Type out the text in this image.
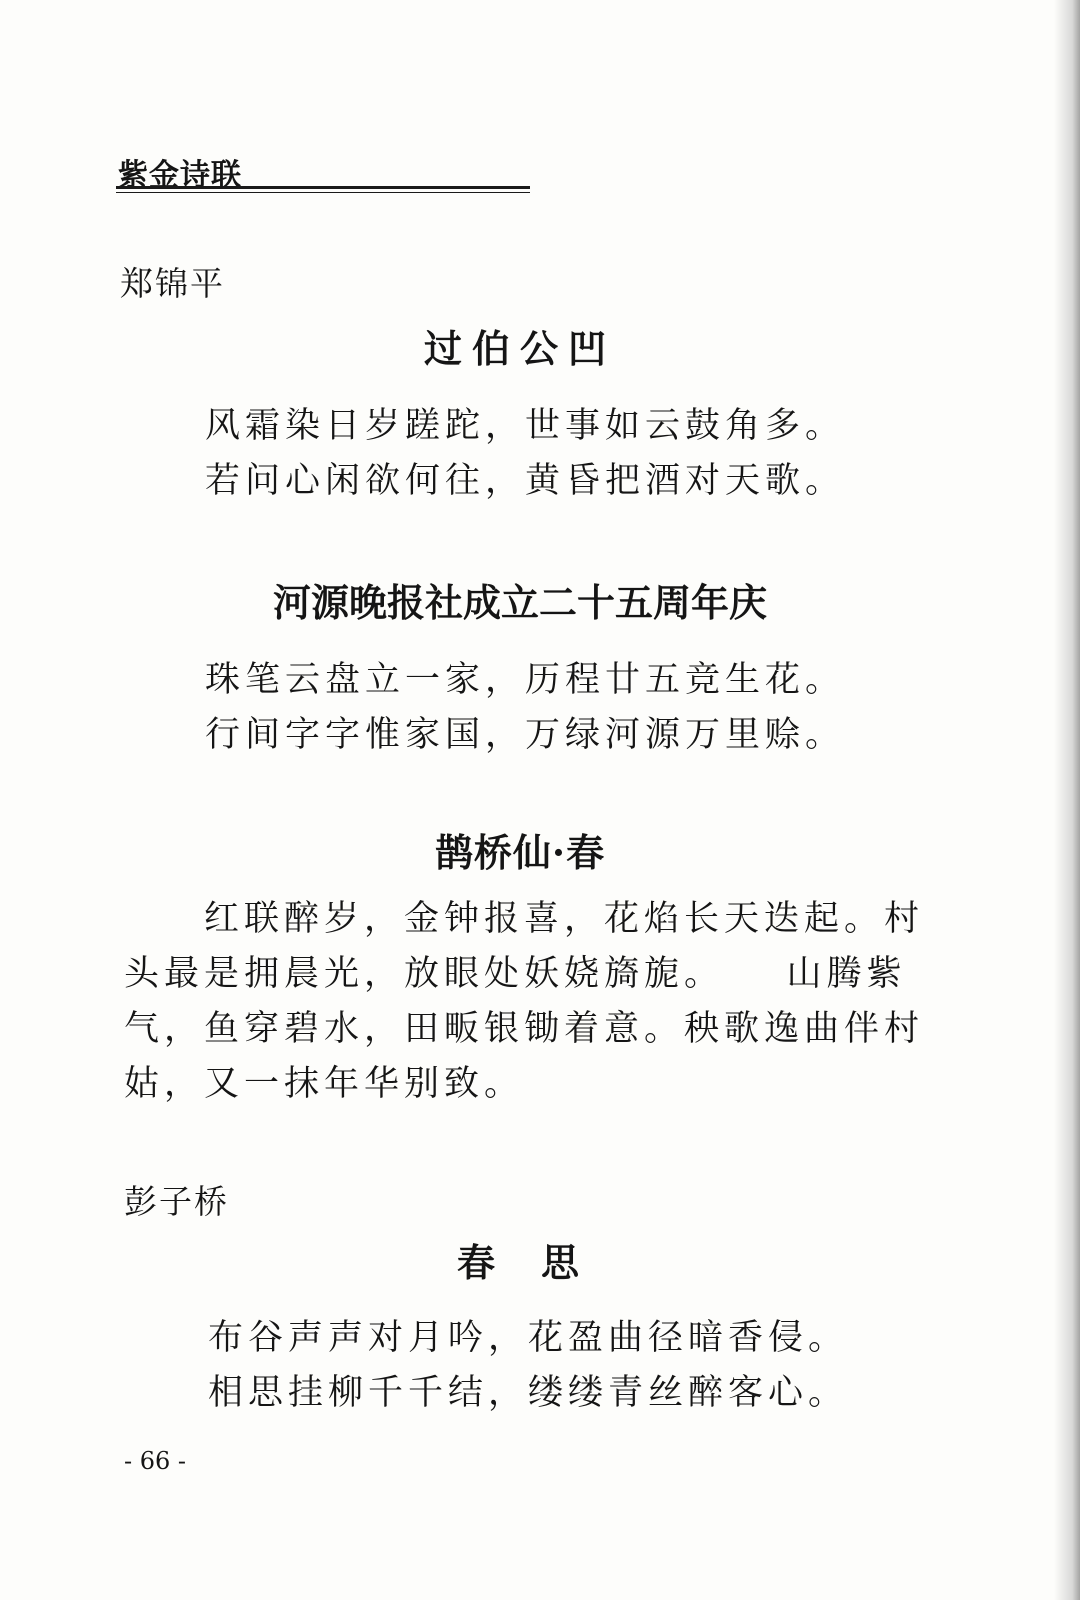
紫金诗联
郑锦平
过伯公凹
风霜染日岁蹉跎，世事如云鼓角多。
若问心闲欲何往，黄昏把酒对天歌。
河源晚报社成立二十五周年庆
珠笔云盘立一家，历程廿五竞生花。
行间字字惟家国，万绿河源万里赊。
鹊桥仙·春
红联醉岁，金钟报喜，花焰长天迭起。村头最是拥晨光，放眼处妖娆旖旎。　　山腾紫气，鱼穿碧水，田畈银锄着意。秧歌逸曲伴村姑，又一抹年华别致。
彭子桥
春　思
布谷声声对月吟，花盈曲径暗香侵。
相思挂柳千千结，缕缕青丝醉客心。
- 66 -
